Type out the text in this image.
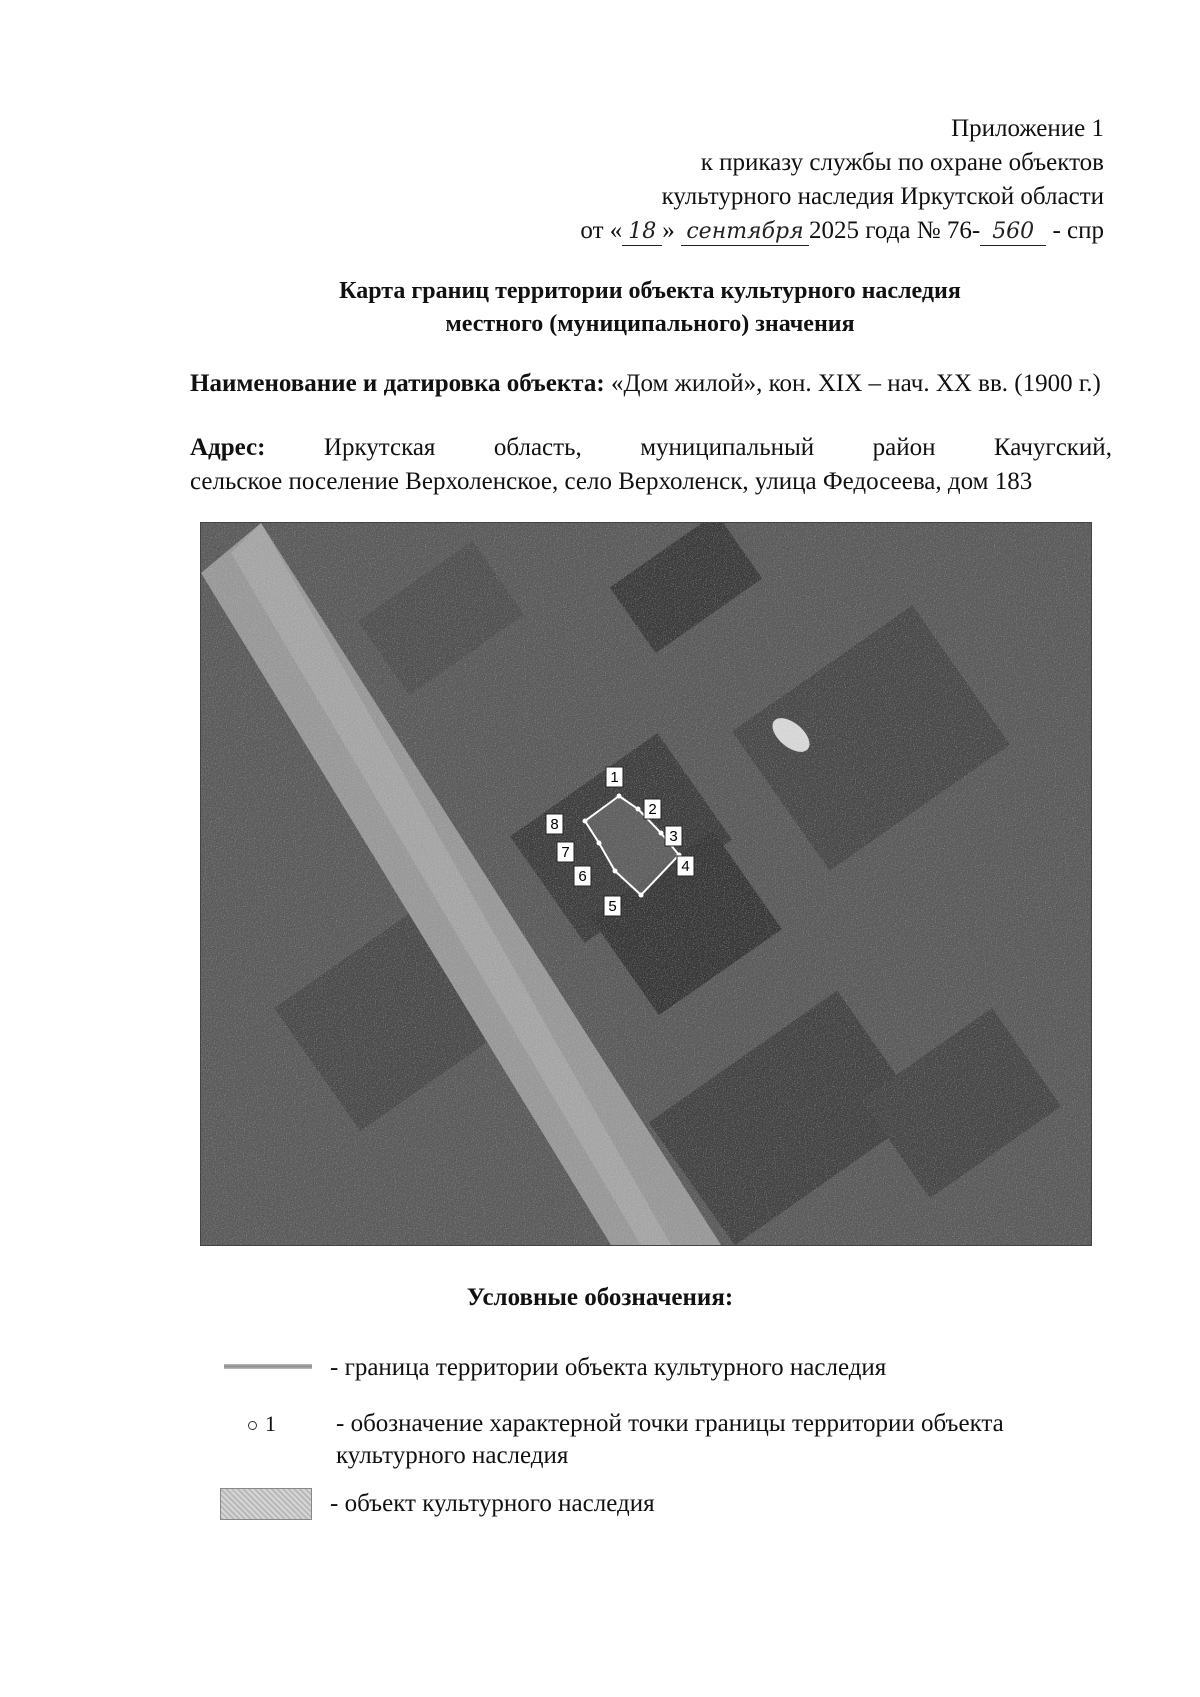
Приложение 1
к приказу службы по охране объектов
культурного наследия Иркутской области
от « 18 » сентября 2025 года № 76- 560 - спр
Карта границ территории объекта культурного наследия
местного (муниципального) значения
Наименование и датировка объекта: «Дом жилой», кон. XIX – нач. XX вв. (1900 г.)
Адрес: Иркутская область, муниципальный район Качугский,
сельское поселение Верхоленское, село Верхоленск, улица Федосеева, дом 183
1
2
3
4
5
6
7
8
Условные обозначения:
- граница территории объекта культурного наследия
1 - обозначение характерной точки границы территории объекта культурного наследия
- объект культурного наследия
